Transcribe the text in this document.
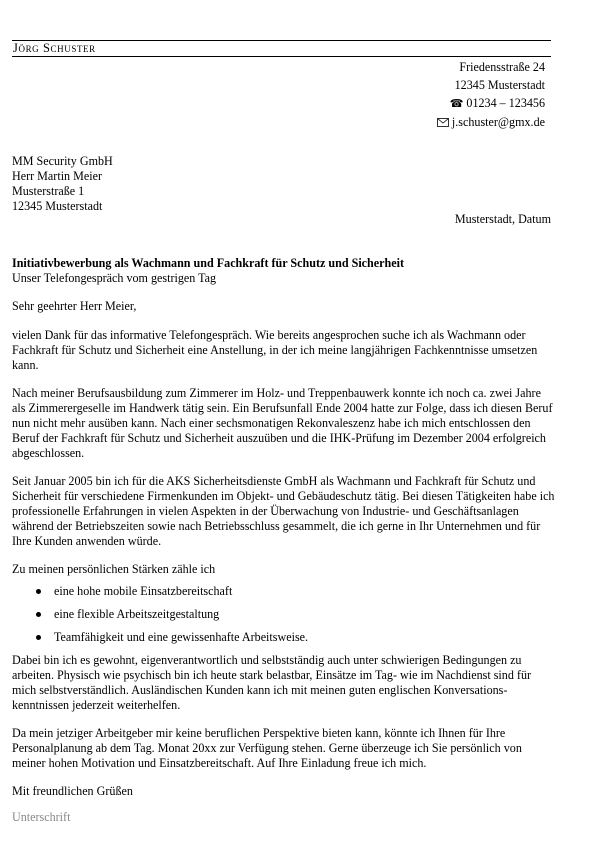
Jörg Schuster
Friedensstraße 24
12345 Musterstadt
☎ 01234 – 123456
j.schuster@gmx.de
MM Security GmbH
Herr Martin Meier
Musterstraße 1
12345 Musterstadt
Musterstadt, Datum
Initiativbewerbung als Wachmann und Fachkraft für Schutz und Sicherheit
Unser Telefongespräch vom gestrigen Tag

Sehr geehrter Herr Meier,

vielen Dank für das informative Telefongespräch. Wie bereits angesprochen suche ich als Wachmann oder Fachkraft für Schutz und Sicherheit eine Anstellung, in der ich meine langjährigen Fachkenntnisse umsetzen kann.

Nach meiner Berufsausbildung zum Zimmerer im Holz- und Treppenbauwerk konnte ich noch ca. zwei Jahre als Zimmerergeselle im Handwerk tätig sein. Ein Berufsunfall Ende 2004 hatte zur Folge, dass ich diesen Beruf nun nicht mehr ausüben kann. Nach einer sechsmonatigen Rekonvaleszenz habe ich mich entschlossen den Beruf der Fachkraft für Schutz und Sicherheit auszuüben und die IHK-Prüfung im Dezember 2004 erfolgreich abgeschlossen.

Seit Januar 2005 bin ich für die AKS Sicherheitsdienste GmbH als Wachmann und Fachkraft für Schutz und Sicherheit für verschiedene Firmenkunden im Objekt- und Gebäudeschutz tätig. Bei diesen Tätigkeiten habe ich professionelle Erfahrungen in vielen Aspekten in der Überwachung von Industrie- und Geschäftsanlagen während der Betriebszeiten sowie nach Betriebsschluss gesammelt, die ich gerne in Ihr Unternehmen und für Ihre Kunden anwenden würde.

Zu meinen persönlichen Stärken zähle ich

eine hohe mobile Einsatzbereitschaft
eine flexible Arbeitszeitgestaltung
Teamfähigkeit und eine gewissenhafte Arbeitsweise.

Dabei bin ich es gewohnt, eigenverantwortlich und selbstständig auch unter schwierigen Bedingungen zu arbeiten. Physisch wie psychisch bin ich heute stark belastbar, Einsätze im Tag- wie im Nachdienst sind für mich selbstverständlich. Ausländischen Kunden kann ich mit meinen guten englischen Konversations-kenntnissen jederzeit weiterhelfen.

Da mein jetziger Arbeitgeber mir keine beruflichen Perspektive bieten kann, könnte ich Ihnen für Ihre Personalplanung ab dem Tag. Monat 20xx zur Verfügung stehen. Gerne überzeuge ich Sie persönlich von meiner hohen Motivation und Einsatzbereitschaft. Auf Ihre Einladung freue ich mich.

Mit freundlichen Grüßen

Unterschrift
